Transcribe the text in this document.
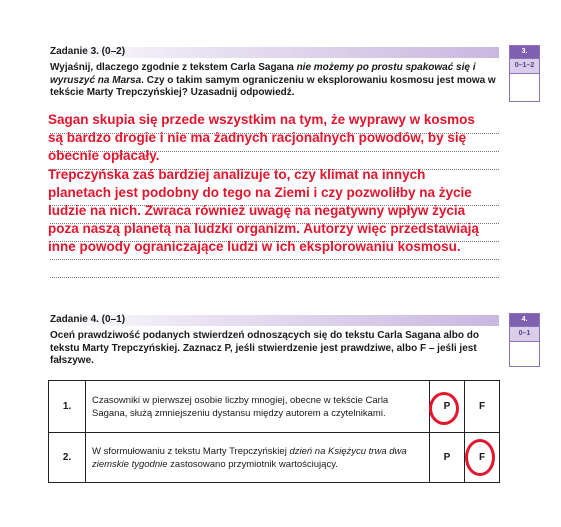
Zadanie 3. (0–2)
Wyjaśnij, dlaczego zgodnie z tekstem Carla Sagana nie możemy po prostu spakować się i wyruszyć na Marsa. Czy o takim samym ograniczeniu w eksplorowaniu kosmosu jest mowa w tekście Marty Trepczyńskiej? Uzasadnij odpowiedź.
3.
0–1–2
Sagan skupia się przede wszystkim na tym, że wyprawy w kosmos
są bardzo drogie i nie ma żadnych racjonalnych powodów, by się
obecnie opłacały.
Trepczyńska zaś bardziej analizuje to, czy klimat na innych
planetach jest podobny do tego na Ziemi i czy pozwoliłby na życie
ludzie na nich. Zwraca również uwagę na negatywny wpływ życia
poza naszą planetą na ludzki organizm. Autorzy więc przedstawiają
inne powody ograniczające ludzi w ich eksplorowaniu kosmosu.
Zadanie 4. (0–1)
Oceń prawdziwość podanych stwierdzeń odnoszących się do tekstu Carla Sagana albo do tekstu Marty Trepczyńskiej. Zaznacz P, jeśli stwierdzenie jest prawdziwe, albo F – jeśli jest fałszywe.
4.
0–1
1.	Czasowniki w pierwszej osobie liczby mnogiej, obecne w tekście Carla Sagana, służą zmniejszeniu dystansu między autorem a czytelnikami.	P	F
2.	W sformułowaniu z tekstu Marty Trepczyńskiej dzień na Księżycu trwa dwa ziemskie tygodnie zastosowano przymiotnik wartościujący.	P	F
